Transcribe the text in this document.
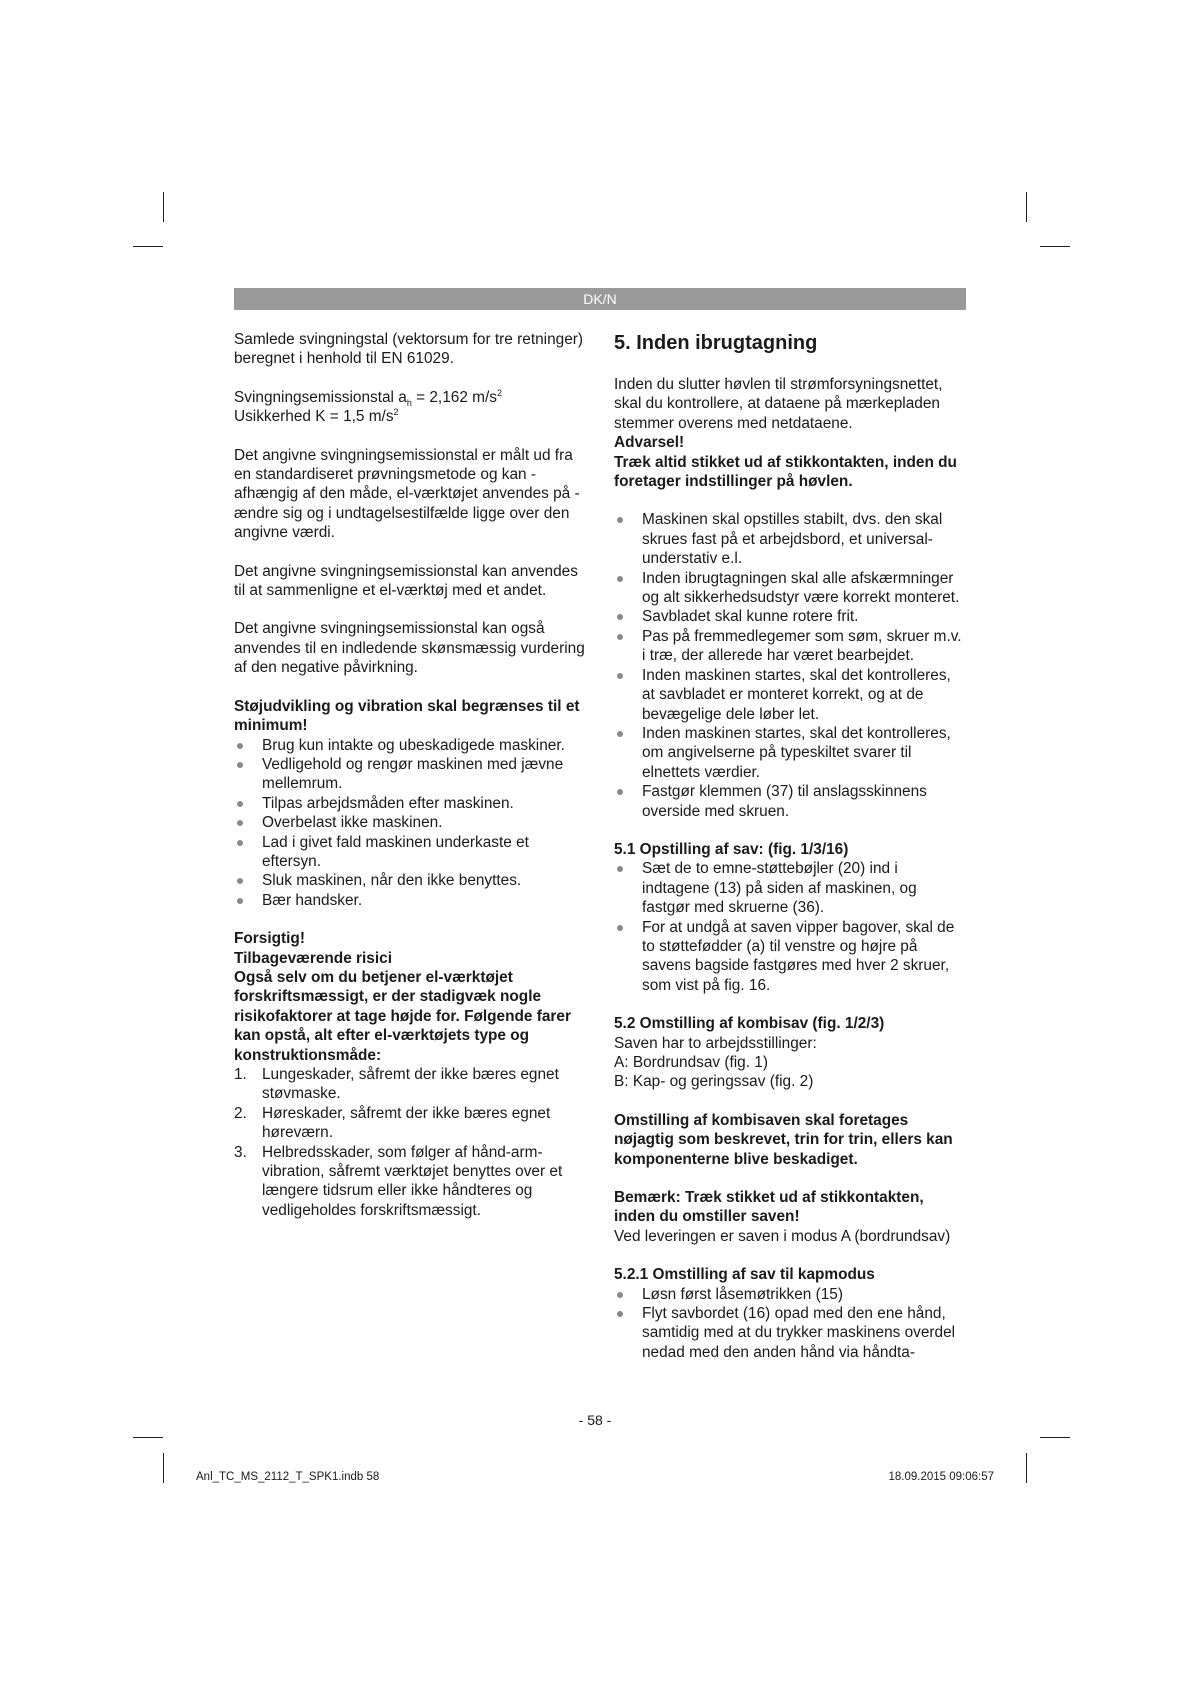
DK/N

Samlede svingningstal (vektorsum for tre retninger) beregnet i henhold til EN 61029.

Svingningsemissionstal $a_h = 2,162$ $m/s^2$

Usikkerhed K = 1,5 $m/s^2$

Det angivne svingningsemissionstal er målt ud fra en standardiseret prøvningsmetode og kan - afhængig af den måde, el-værktøjet anvendes på - ændre sig og i undtagelsestilfælde ligge over den angivne værdi.

Det angivne svingningsemissionstal kan anvendes til at sammenligne et el-værktøj med et andet.

Det angivne svingningsemissionstal kan også anvendes til en indledende skønsmæssig vurdering af den negative påvirkning.

Støjudvikling og vibration skal begrænses til et minimum!

Brug kun intakte og ubeskadigede maskiner.
Vedligehold og rengør maskinen med jævne mellemrum.
Tilpas arbejdsmåden efter maskinen.
Overbelast ikke maskinen.
Lad i givet fald maskinen underkaste et eftersyn.
Sluk maskinen, når den ikke benyttes.
Bær handsker.

Forsigtig!

Tilbageværende risici

Også selv om du betjener el-værktøjet forskriftsmæssigt, er der stadigvæk nogle risikofaktorer at tage højde for. Følgende farer kan opstå, alt efter el-værktøjets type og konstruktionsmåde:

1. Lungeskader, såfremt der ikke bæres egnet støvmaske.
2. Høreskader, såfremt der ikke bæres egnet høreværn.
3. Helbredsskader, som følger af hånd-arm-vibration, såfremt værktøjet benyttes over et længere tidsrum eller ikke håndteres og vedligeholdes forskriftsmæssigt.
5. Inden ibrugtagning

Inden du slutter høvlen til strømforsyningsnettet, skal du kontrollere, at dataene på mærkepladen stemmer overens med netdataene.

Advarsel!

Træk altid stikket ud af stikkontakten, inden du foretager indstillinger på høvlen.

Maskinen skal opstilles stabilt, dvs. den skal skrues fast på et arbejdsbord, et universal-understativ e.l.
Inden ibrugtagningen skal alle afskærmninger og alt sikkerhedsudstyr være korrekt monteret.
Savbladet skal kunne rotere frit.
Pas på fremmedlegemer som søm, skruer m.v. i træ, der allerede har været bearbejdet.
Inden maskinen startes, skal det kontrolleres, at savbladet er monteret korrekt, og at de bevægelige dele løber let.
Inden maskinen startes, skal det kontrolleres, om angivelserne på typeskiltet svarer til elnettets værdier.
Fastgør klemmen (37) til anslagsskinnens overside med skruen.

5.1 Opstilling af sav: (fig. 1/3/16)

Sæt de to emne-støttebøjler (20) ind i indtagene (13) på siden af maskinen, og fastgør med skruerne (36).
For at undgå at saven vipper bagover, skal de to støttefødder (a) til venstre og højre på savens bagside fastgøres med hver 2 skruer, som vist på fig. 16.

5.2 Omstilling af kombisav (fig. 1/2/3)

Saven har to arbejdsstillinger:

A: Bordrundsav (fig. 1)

B: Kap- og geringssav (fig. 2)

Omstilling af kombisaven skal foretages nøjagtig som beskrevet, trin for trin, ellers kan komponenterne blive beskadiget.

Bemærk: Træk stikket ud af stikkontakten, inden du omstiller saven!

Ved leveringen er saven i modus A (bordrundsav)

5.2.1 Omstilling af sav til kapmodus

Løsn først låsemøtrikken (15)
Flyt savbordet (16) opad med den ene hånd, samtidig med at du trykker maskinens overdel nedad med den anden hånd via håndta-
- 58 -
Anl_TC_MS_2112_T_SPK1.indb 58	18.09.2015 09:06:57
